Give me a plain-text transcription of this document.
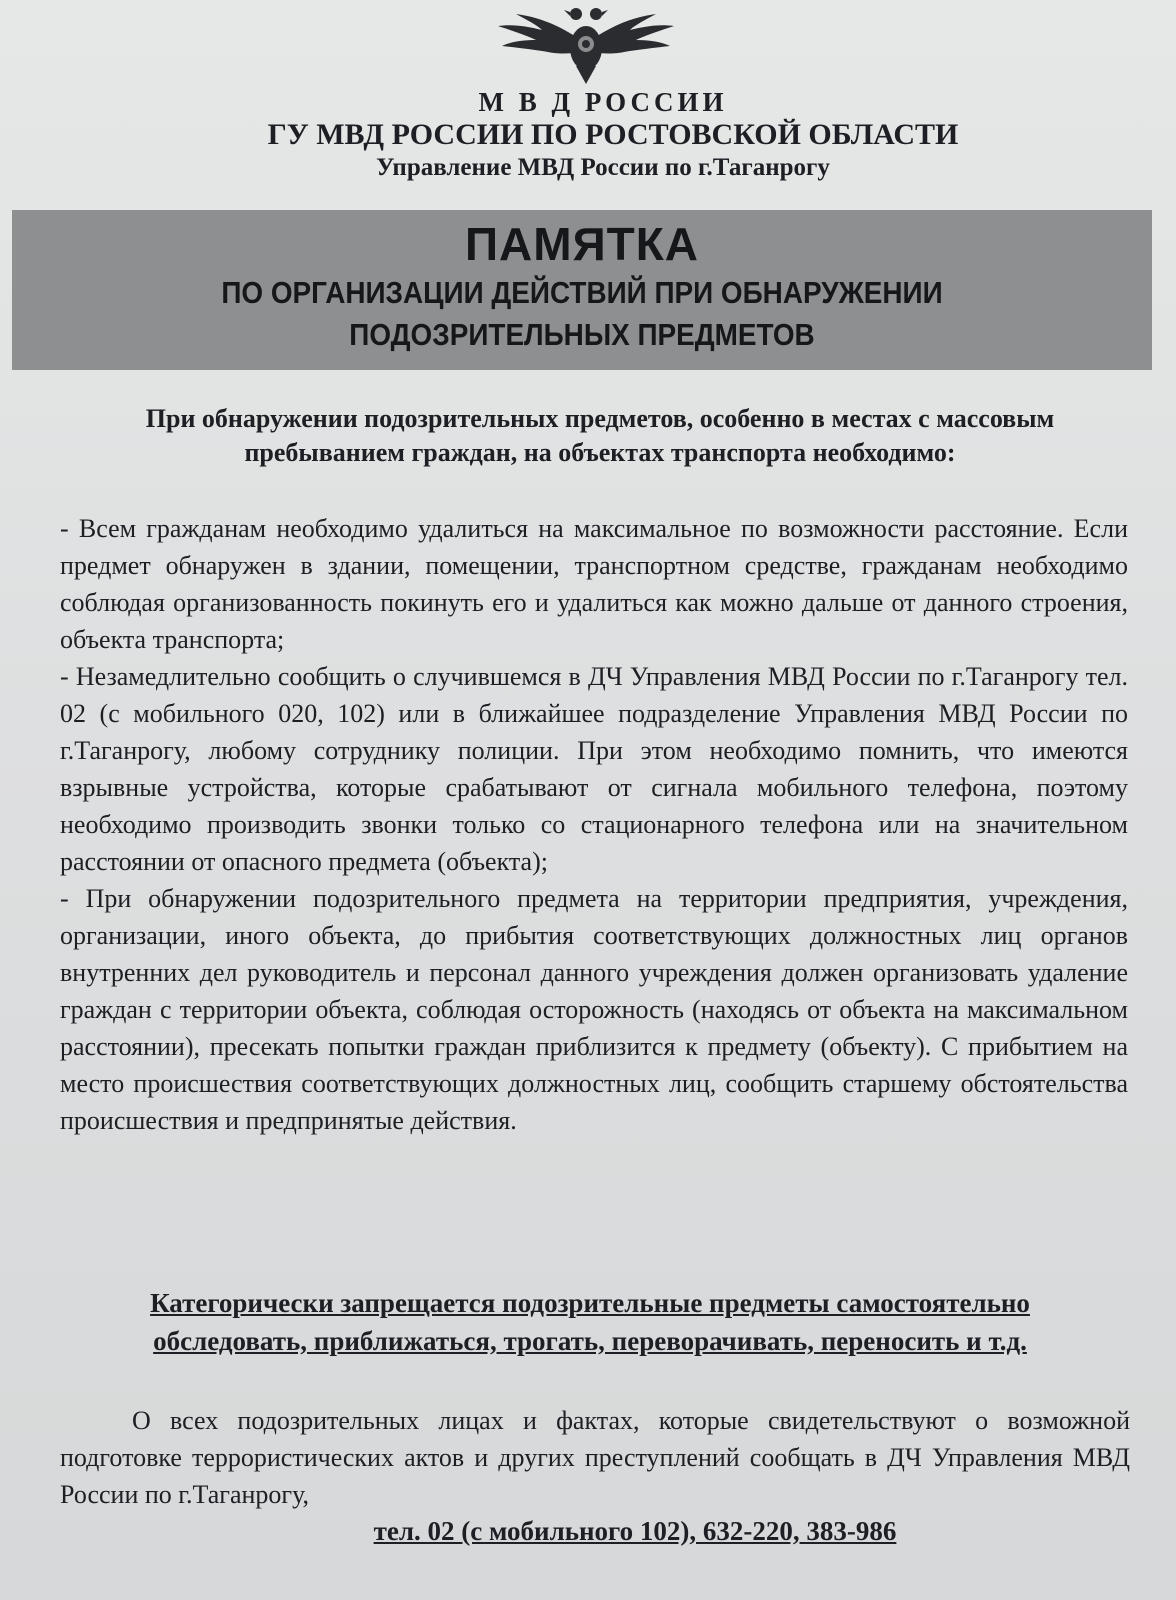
М В Д РОССИИ
ГУ МВД РОССИИ ПО РОСТОВСКОЙ ОБЛАСТИ
Управление МВД России по г.Таганрогу
ПАМЯТКА
ПО ОРГАНИЗАЦИИ ДЕЙСТВИЙ ПРИ ОБНАРУЖЕНИИ
ПОДОЗРИТЕЛЬНЫХ ПРЕДМЕТОВ
При обнаружении подозрительных предметов, особенно в местах с массовым пребыванием граждан, на объектах транспорта необходимо:

- Всем гражданам необходимо удалиться на максимальное по возможности расстояние. Если предмет обнаружен в здании, помещении, транспортном средстве, гражданам необходимо соблюдая организованность покинуть его и удалиться как можно дальше от данного строения, объекта транспорта;

- Незамедлительно сообщить о случившемся в ДЧ Управления МВД России по г.Таганрогу тел. 02 (с мобильного 020, 102) или в ближайшее подразделение Управления МВД России по г.Таганрогу, любому сотруднику полиции. При этом необходимо помнить, что имеются взрывные устройства, которые срабатывают от сигнала мобильного телефона, поэтому необходимо производить звонки только со стационарного телефона или на значительном расстоянии от опасного предмета (объекта);

- При обнаружении подозрительного предмета на территории предприятия, учреждения, организации, иного объекта, до прибытия соответствующих должностных лиц органов внутренних дел руководитель и персонал данного учреждения должен организовать удаление граждан с территории объекта, соблюдая осторожность (находясь от объекта на максимальном расстоянии), пресекать попытки граждан приблизится к предмету (объекту). С прибытием на место происшествия соответствующих должностных лиц, сообщить старшему обстоятельства происшествия и предпринятые действия.

Категорически запрещается подозрительные предметы самостоятельно обследовать, приближаться, трогать, переворачивать, переносить и т.д.
О всех подозрительных лицах и фактах, которые свидетельствуют о возможной подготовке террористических актов и других преступлений сообщать в ДЧ Управления МВД России по г.Таганрогу,
тел. 02 (с мобильного 102), 632-220, 383-986
